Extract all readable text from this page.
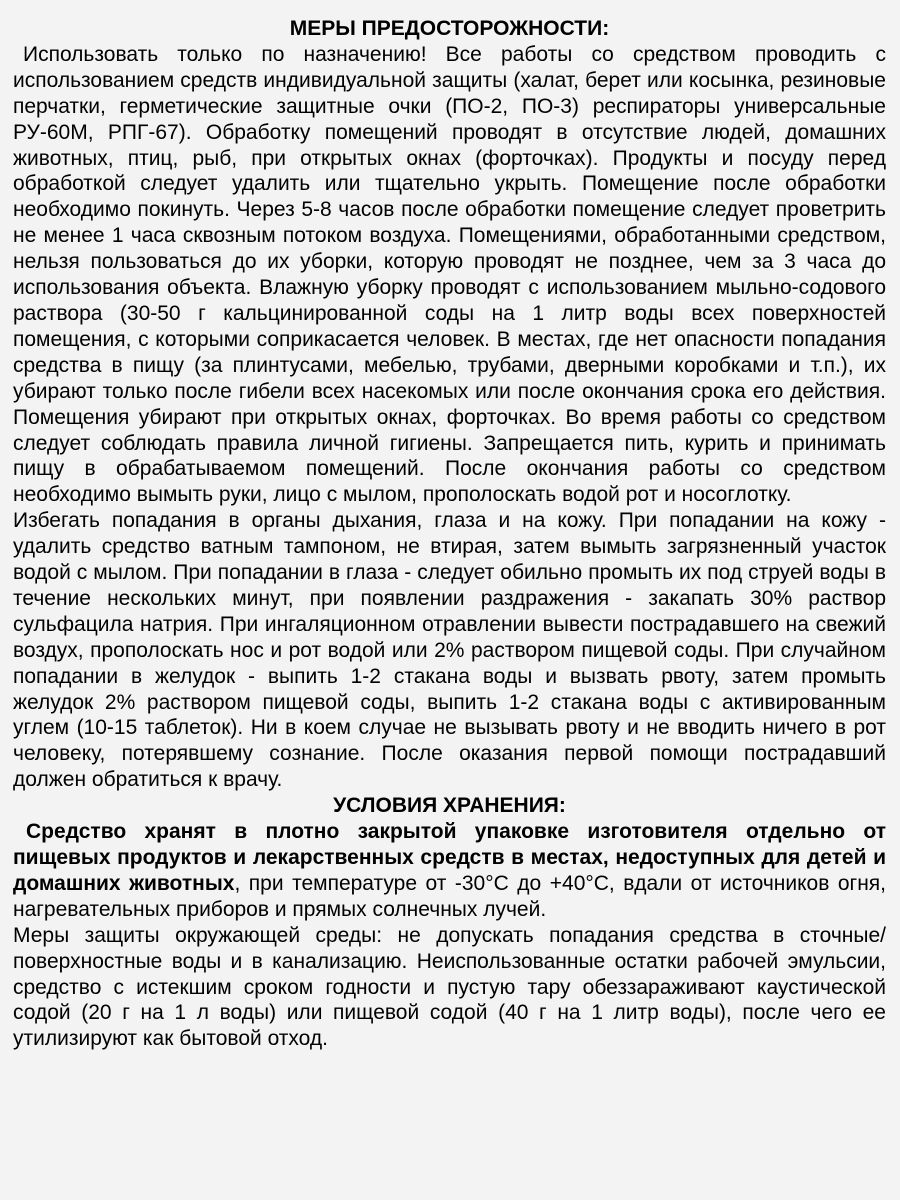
МЕРЫ ПРЕДОСТОРОЖНОСТИ:

Использовать только по назначению! Все работы со средством проводить с использованием средств индивидуальной защиты (халат, берет или косынка, резиновые перчатки, герметические защитные очки (ПО-2, ПО-3) респираторы универсальные РУ-60М, РПГ-67). Обработку помещений проводят в отсутствие людей, домашних животных, птиц, рыб, при открытых окнах (форточках). Продукты и посуду перед обработкой следует удалить или тщательно укрыть. Помещение после обработки необходимо покинуть. Через 5-8 часов после обработки помещение следует проветрить не менее 1 часа сквозным потоком воздуха. Помещениями, обработанными средством, нельзя пользоваться до их уборки, которую проводят не позднее, чем за 3 часа до использования объекта. Влажную уборку проводят с использованием мыльно-содового раствора (30-50 г кальцинированной соды на 1 литр воды всех поверхностей помещения, с которыми соприкасается человек. В местах, где нет опасности попадания средства в пищу (за плинтусами, мебелью, трубами, дверными коробками и т.п.), их убирают только после гибели всех насекомых или после окончания срока его действия. Помещения убирают при открытых окнах, форточках. Во время работы со средством следует соблюдать правила личной гигиены. Запрещается пить, курить и принимать пищу в обрабатываемом помещений. После окончания работы со средством необходимо вымыть руки, лицо с мылом, прополоскать водой рот и носоглотку.

Избегать попадания в органы дыхания, глаза и на кожу. При попадании на кожу - удалить средство ватным тампоном, не втирая, затем вымыть загрязненный участок водой с мылом. При попадании в глаза - следует обильно промыть их под струей воды в течение нескольких минут, при появлении раздражения - закапать 30% раствор сульфацила натрия. При ингаляционном отравлении вывести пострадавшего на свежий воздух, прополоскать нос и рот водой или 2% раствором пищевой соды. При случайном попадании в желудок - выпить 1-2 стакана воды и вызвать рвоту, затем промыть желудок 2% раствором пищевой соды, выпить 1-2 стакана воды с активированным углем (10-15 таблеток). Ни в коем случае не вызывать рвоту и не вводить ничего в рот человеку, потерявшему сознание. После оказания первой помощи пострадавший должен обратиться к врачу.

УСЛОВИЯ ХРАНЕНИЯ:

Средство хранят в плотно закрытой упаковке изготовителя отдельно от пищевых продуктов и лекарственных средств в местах, недоступных для детей и домашних животных, при температуре от -30°C до +40°C, вдали от источников огня, нагревательных приборов и прямых солнечных лучей.

Меры защиты окружающей среды: не допускать попадания средства в сточные/поверхностные воды и в канализацию. Неиспользованные остатки рабочей эмульсии, средство с истекшим сроком годности и пустую тару обеззараживают каустической содой (20 г на 1 л воды) или пищевой содой (40 г на 1 литр воды), после чего ее утилизируют как бытовой отход.
